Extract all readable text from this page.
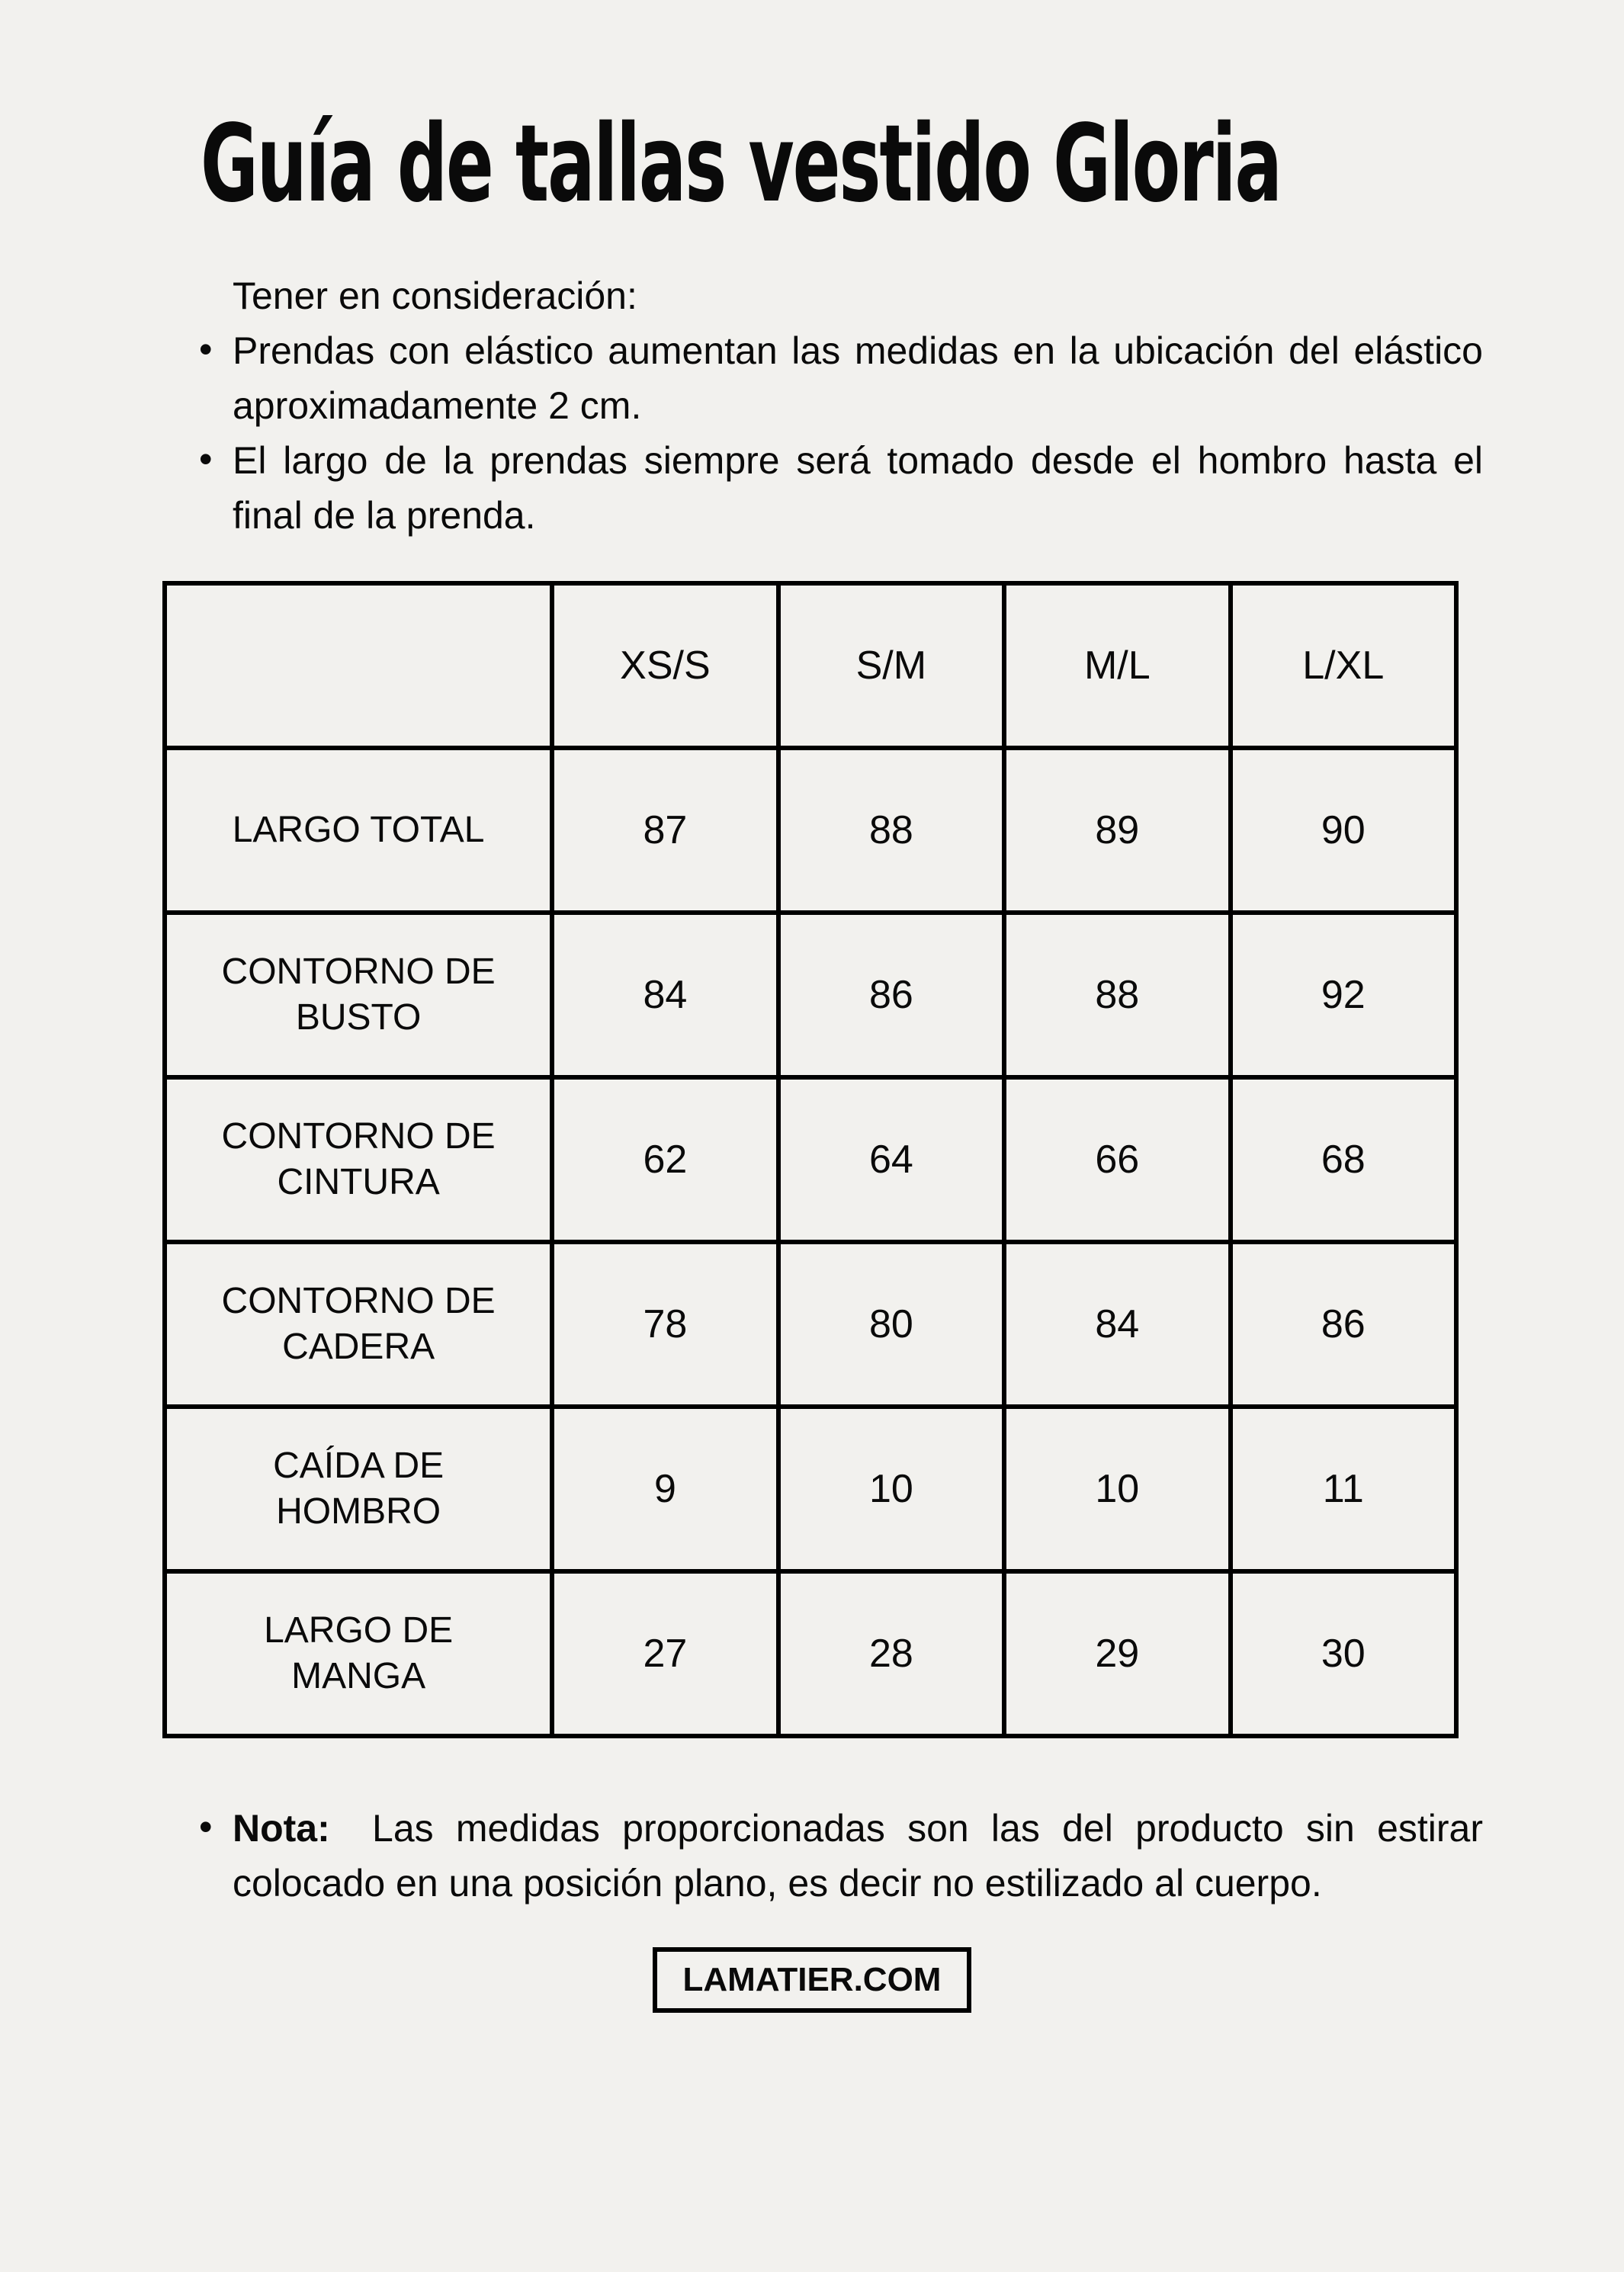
Guía de tallas vestido Gloria
Tener en consideración:
• Prendas con elástico aumentan las medidas en la ubicación del elástico aproximadamente 2 cm.
• El largo de la prendas siempre será tomado desde el hombro hasta el final de la prenda.
	XS/S	S/M	M/L	L/XL
LARGO TOTAL	87	88	89	90
CONTORNO DE BUSTO	84	86	88	92
CONTORNO DE CINTURA	62	64	66	68
CONTORNO DE CADERA	78	80	84	86
CAÍDA DE HOMBRO	9	10	10	11
LARGO DE MANGA	27	28	29	30
• Nota: Las medidas proporcionadas son las del producto sin estirar colocado en una posición plano, es decir no estilizado al cuerpo.
LAMATIER.COM
